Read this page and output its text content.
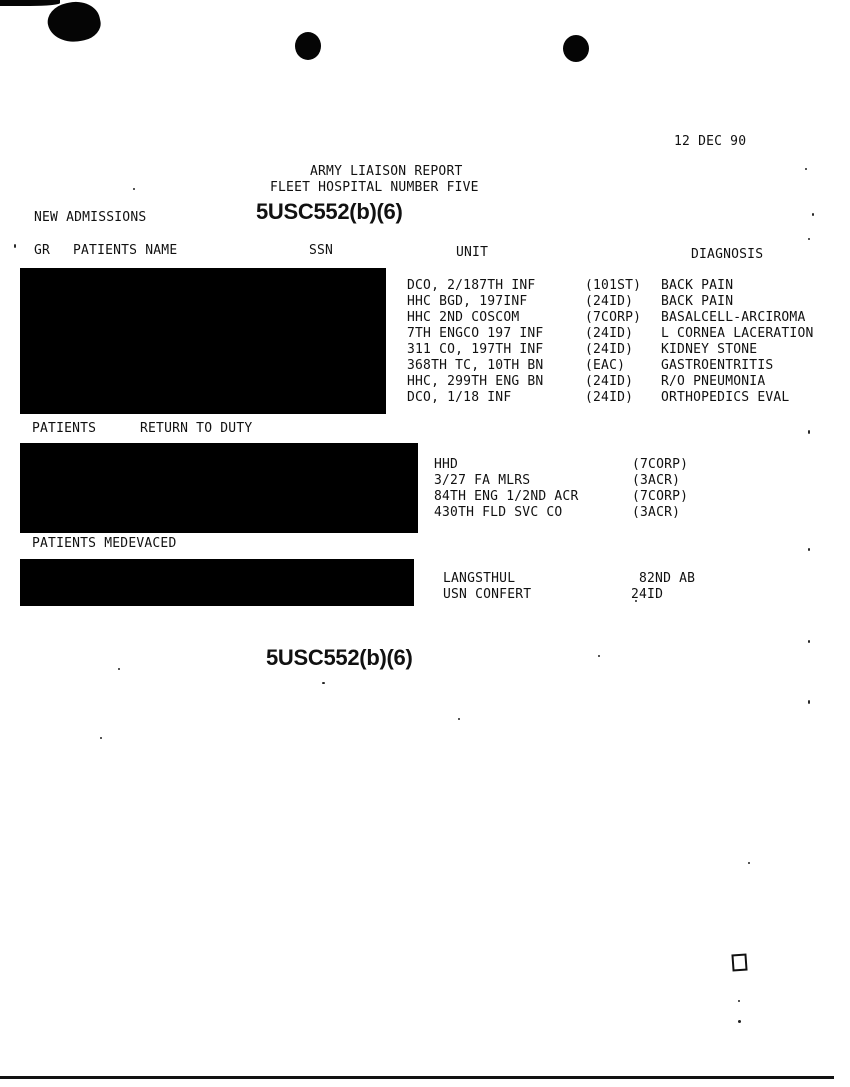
12 DEC 90
ARMY LIAISON REPORT
FLEET HOSPITAL NUMBER FIVE
NEW ADMISSIONS	5USC552(b)(6)
GR PATIENTS NAME	SSN	UNIT	DIAGNOSIS
DCO, 2/187TH INF	(101ST) BACK PAIN
HHC BGD, 197INF	(24ID) BACK PAIN
HHC 2ND COSCOM	(7CORP) BASALCELL-ARCIROMA
7TH ENGCO 197 INF	(24ID) L CORNEA LACERATION
311 CO, 197TH INF	(24ID) KIDNEY STONE
368TH TC, 10TH BN	(EAC)	GASTROENTRITIS
HHC, 299TH ENG BN	(24ID) R/O PNEUMONIA
DCO, 1/18 INF	(24ID) ORTHOPEDICS EVAL
PATIENTS	RETURN TO DUTY
HHD	(7CORP)
3/27 FA MLRS	(3ACR)
84TH ENG 1/2ND ACR	(7CORP)
430TH FLD SVC CO	(3ACR)
PATIENTS MEDEVACED
LANGSTHUL	82ND AB
USN CONFERT	24ID
5USC552(b)(6)
